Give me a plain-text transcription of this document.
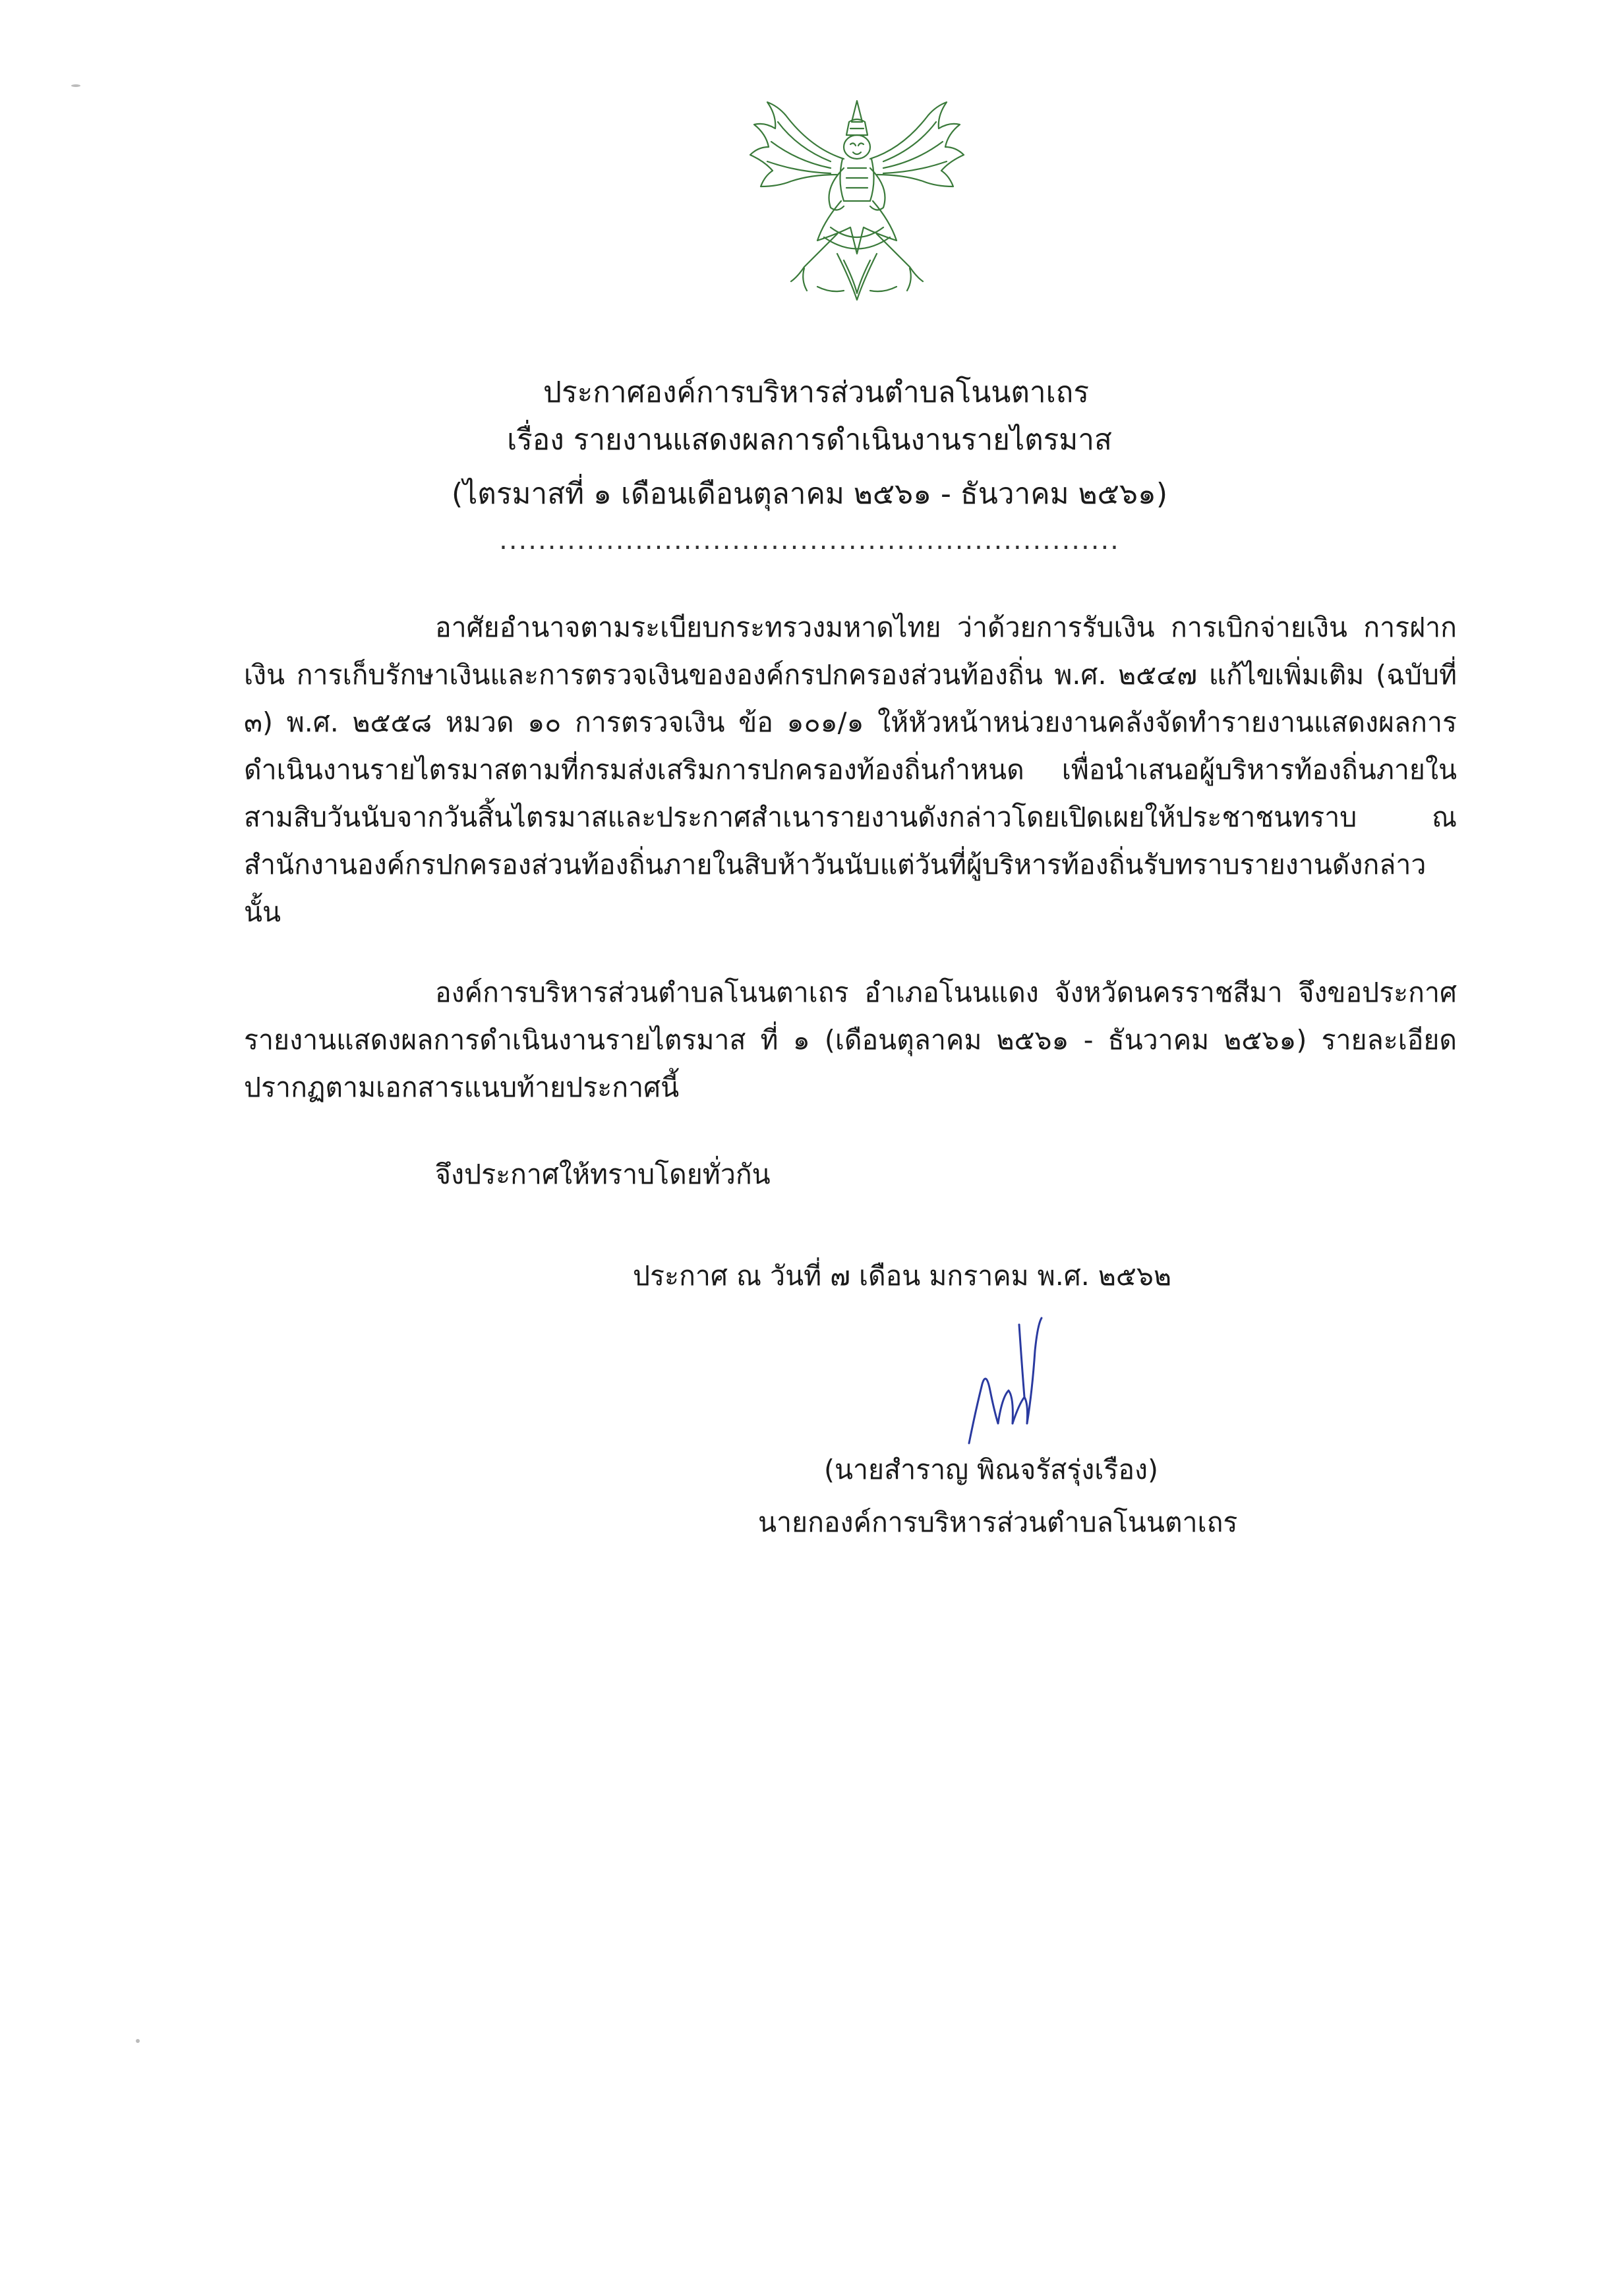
ประกาศองค์การบริหารส่วนตำบลโนนตาเถร
เรื่อง รายงานแสดงผลการดำเนินงานรายไตรมาส
(ไตรมาสที่ ๑ เดือนเดือนตุลาคม ๒๕๖๑ - ธันวาคม ๒๕๖๑)
................................................................
อาศัยอำนาจตามระเบียบกระทรวงมหาดไทย ว่าด้วยการรับเงิน การเบิกจ่ายเงิน การฝากเงิน การเก็บรักษาเงินและการตรวจเงินขององค์กรปกครองส่วนท้องถิ่น พ.ศ. ๒๕๔๗ แก้ไขเพิ่มเติม (ฉบับที่ ๓) พ.ศ. ๒๕๕๘ หมวด ๑๐ การตรวจเงิน ข้อ ๑๐๑/๑ ให้หัวหน้าหน่วยงานคลังจัดทำรายงานแสดงผลการดำเนินงานรายไตรมาสตามที่กรมส่งเสริมการปกครองท้องถิ่นกำหนด เพื่อนำเสนอผู้บริหารท้องถิ่นภายในสามสิบวันนับจากวันสิ้นไตรมาสและประกาศสำเนารายงานดังกล่าวโดยเปิดเผยให้ประชาชนทราบ ณ สำนักงานองค์กรปกครองส่วนท้องถิ่นภายในสิบห้าวันนับแต่วันที่ผู้บริหารท้องถิ่นรับทราบรายงานดังกล่าว นั้น
องค์การบริหารส่วนตำบลโนนตาเถร อำเภอโนนแดง จังหวัดนครราชสีมา จึงขอประกาศรายงานแสดงผลการดำเนินงานรายไตรมาส ที่ ๑ (เดือนตุลาคม ๒๕๖๑ - ธันวาคม ๒๕๖๑) รายละเอียดปรากฏตามเอกสารแนบท้ายประกาศนี้
จึงประกาศให้ทราบโดยทั่วกัน
ประกาศ ณ วันที่ ๗ เดือน มกราคม พ.ศ. ๒๕๖๒
(นายสำราญ พิณจรัสรุ่งเรือง)
นายกองค์การบริหารส่วนตำบลโนนตาเถร
